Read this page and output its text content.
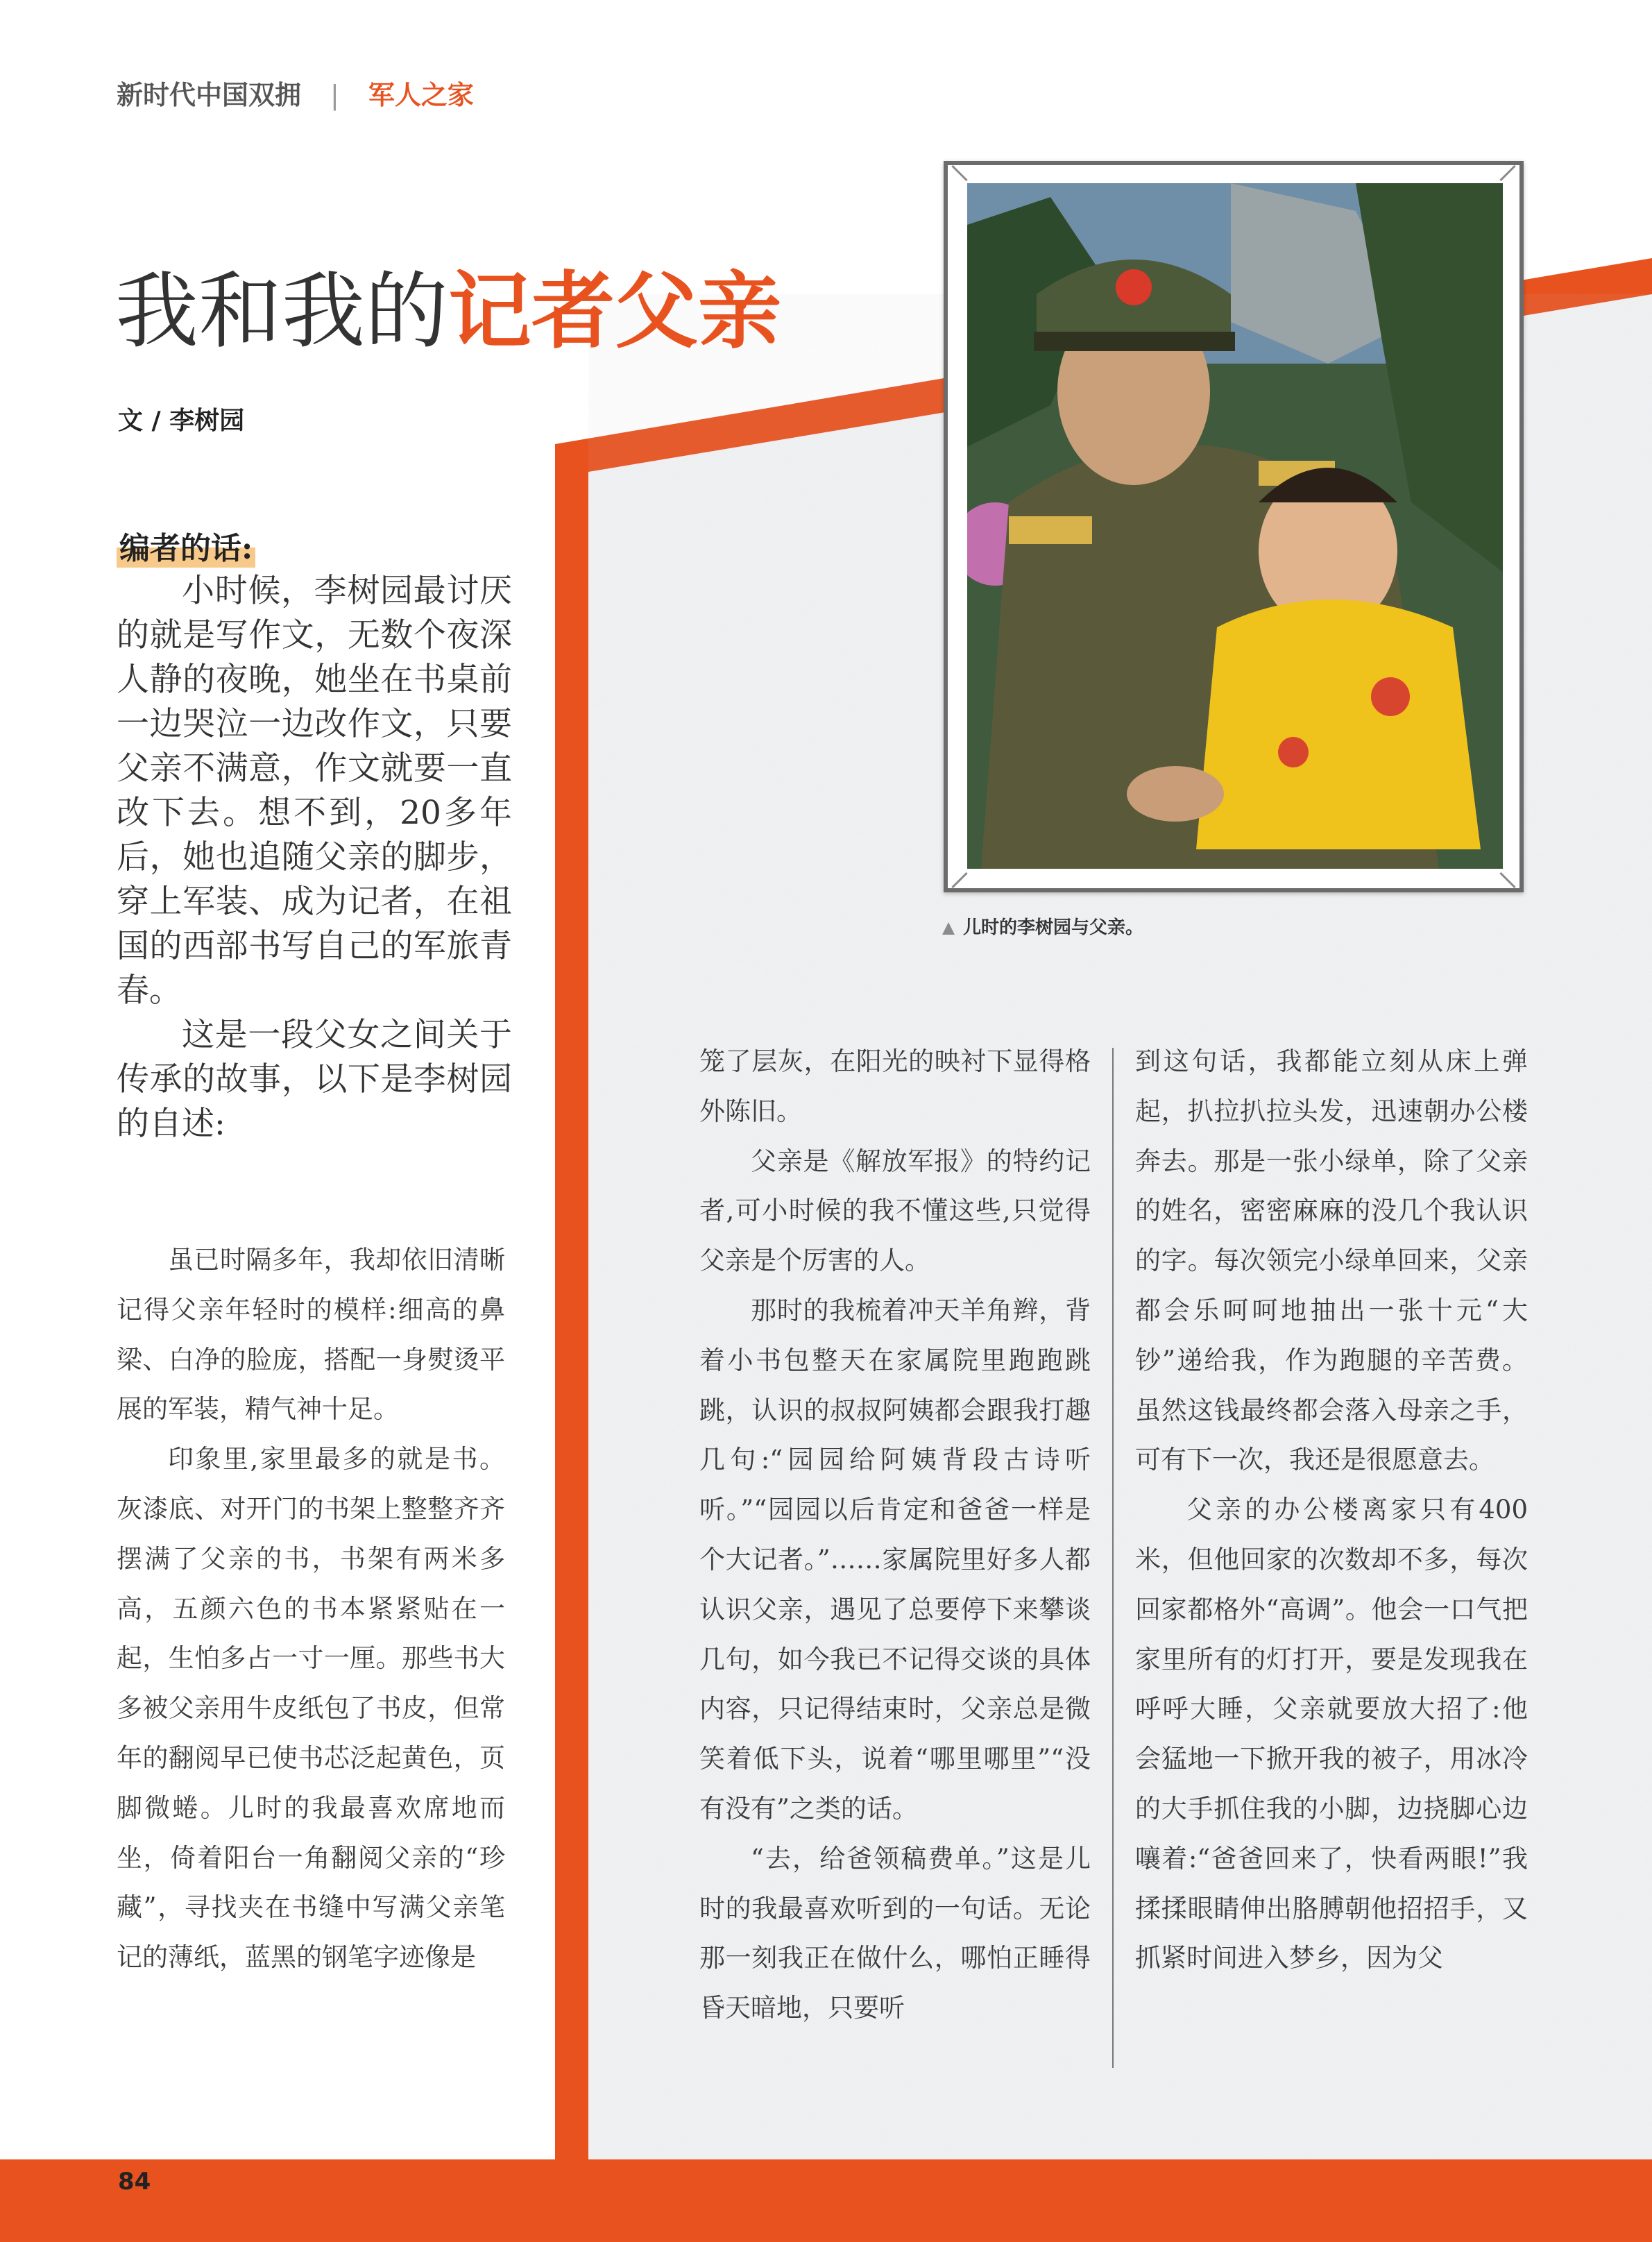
新时代中国双拥 | 军人之家
我和我的记者父亲
文 / 李树园
编者的话:

小时候，李树园最讨厌的就是写作文，无数个夜深人静的夜晚，她坐在书桌前一边哭泣一边改作文，只要父亲不满意，作文就要一直改下去。想不到，20多年后，她也追随父亲的脚步，穿上军装、成为记者，在祖国的西部书写自己的军旅青春。

这是一段父女之间关于传承的故事，以下是李树园的自述:

儿时的李树园与父亲。

虽已时隔多年，我却依旧清晰记得父亲年轻时的模样:细高的鼻梁、白净的脸庞，搭配一身熨烫平展的军装，精气神十足。

印象里,家里最多的就是书。灰漆底、对开门的书架上整整齐齐摆满了父亲的书，书架有两米多高，五颜六色的书本紧紧贴在一起，生怕多占一寸一厘。那些书大多被父亲用牛皮纸包了书皮，但常年的翻阅早已使书芯泛起黄色，页脚微蜷。儿时的我最喜欢席地而坐，倚着阳台一角翻阅父亲的“珍藏”，寻找夹在书缝中写满父亲笔记的薄纸，蓝黑的钢笔字迹像是

笼了层灰，在阳光的映衬下显得格外陈旧。

父亲是《解放军报》的特约记者,可小时候的我不懂这些,只觉得父亲是个厉害的人。

那时的我梳着冲天羊角辫，背着小书包整天在家属院里跑跑跳跳，认识的叔叔阿姨都会跟我打趣几句:“园园给阿姨背段古诗听听。”“园园以后肯定和爸爸一样是个大记者。”……家属院里好多人都认识父亲，遇见了总要停下来攀谈几句，如今我已不记得交谈的具体内容，只记得结束时，父亲总是微笑着低下头，说着“哪里哪里”“没有没有”之类的话。

“去，给爸领稿费单。”这是儿时的我最喜欢听到的一句话。无论那一刻我正在做什么，哪怕正睡得昏天暗地，只要听

到这句话，我都能立刻从床上弹起，扒拉扒拉头发，迅速朝办公楼奔去。那是一张小绿单，除了父亲的姓名，密密麻麻的没几个我认识的字。每次领完小绿单回来，父亲都会乐呵呵地抽出一张十元“大钞”递给我，作为跑腿的辛苦费。虽然这钱最终都会落入母亲之手，可有下一次，我还是很愿意去。

父亲的办公楼离家只有400米，但他回家的次数却不多，每次回家都格外“高调”。他会一口气把家里所有的灯打开，要是发现我在呼呼大睡，父亲就要放大招了:他会猛地一下掀开我的被子，用冰冷的大手抓住我的小脚，边挠脚心边嚷着:“爸爸回来了，快看两眼!”我揉揉眼睛伸出胳膊朝他招招手，又抓紧时间进入梦乡，因为父

84
